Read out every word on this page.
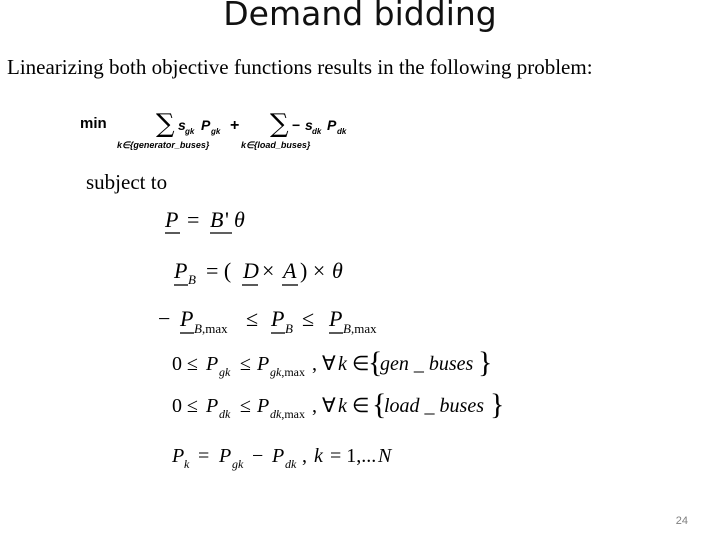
Demand bidding
Linearizing both objective functions results in the following problem:
min ∑ s gk P gk
k∈{generator_buses}
+ ∑ − s dk P dk
k∈{load_buses}
subject to
P = B ' θ
P B = ( D × A ) × θ
− P B,max ≤ P B ≤ P B,max
0 ≤ P gk ≤ P gk,max , ∀ k ∈
{
gen _ buses }
0 ≤ P dk ≤ P dk,max , ∀ k ∈ {
load _ buses }
P k = P gk − P dk , k = 1,... N
24
